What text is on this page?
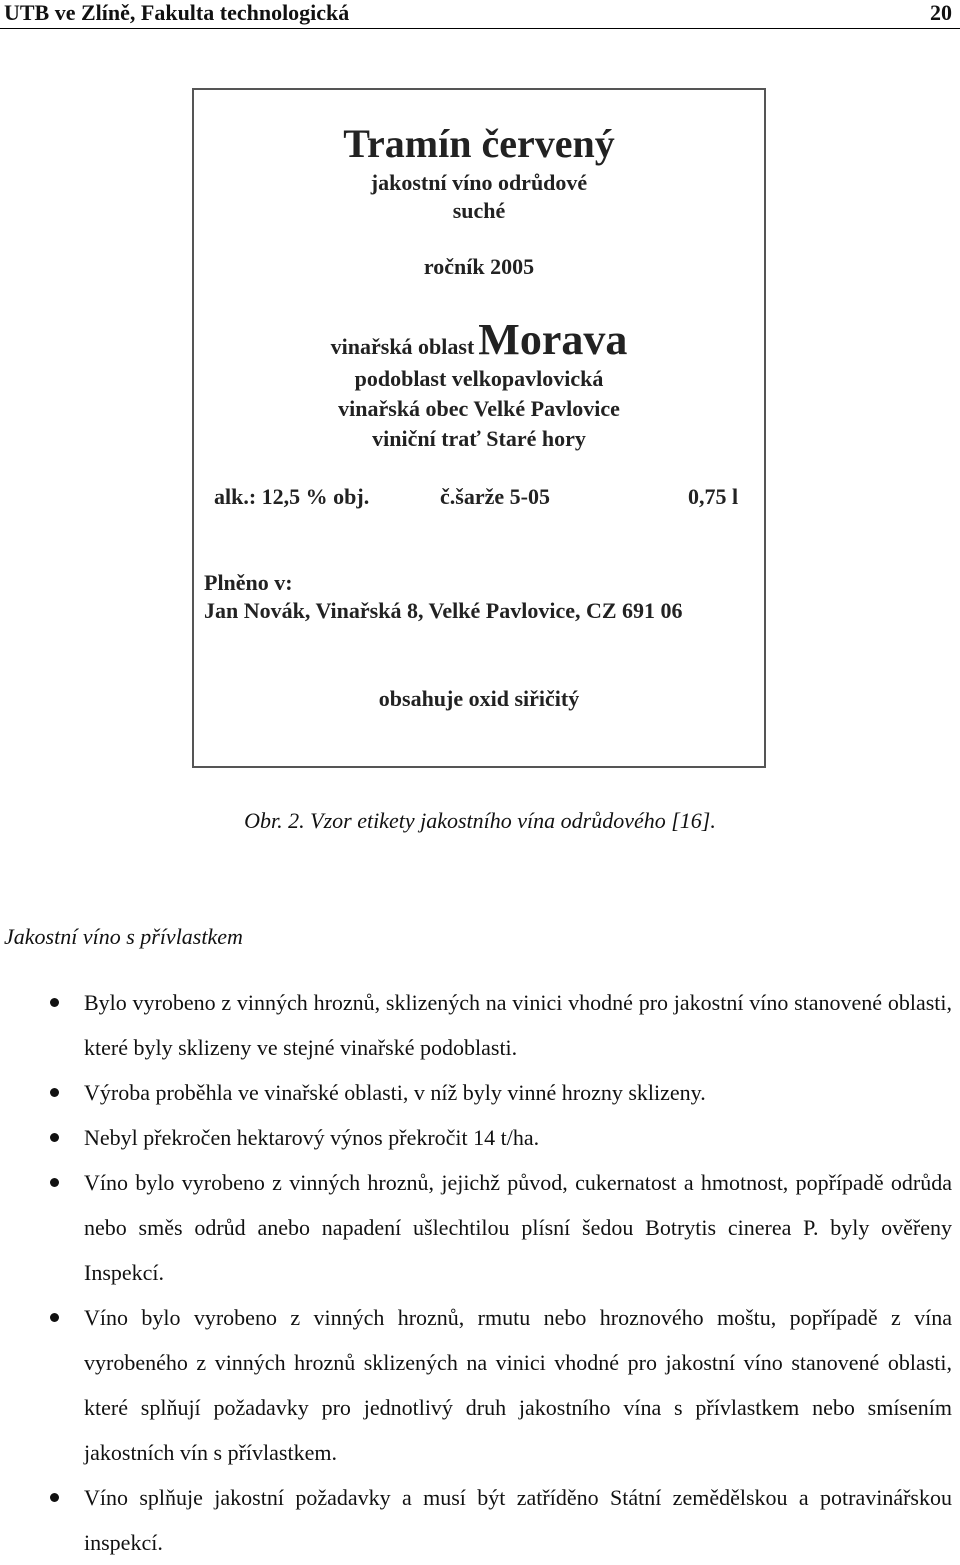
UTB ve Zlíně, Fakulta technologická	20
Tramín červený
jakostní víno odrůdové
suché
ročník 2005
vinařská oblast Morava
podoblast velkopavlovická
vinařská obec Velké Pavlovice
viniční trať Staré hory
alk.: 12,5 % obj.	č.šarže 5-05	0,75 l
Plněno v:
Jan Novák, Vinařská 8, Velké Pavlovice, CZ 691 06
obsahuje oxid siřičitý
Obr. 2. Vzor etikety jakostního vína odrůdového [16].
Jakostní víno s přívlastkem
Bylo vyrobeno z vinných hroznů, sklizených na vinici vhodné pro jakostní víno stanovené oblasti, které byly sklizeny ve stejné vinařské podoblasti.
Výroba proběhla ve vinařské oblasti, v níž byly vinné hrozny sklizeny.
Nebyl překročen hektarový výnos překročit 14 t/ha.
Víno bylo vyrobeno z vinných hroznů, jejichž původ, cukernatost a hmotnost, popřípadě odrůda nebo směs odrůd anebo napadení ušlechtilou plísní šedou Botrytis cinerea P. byly ověřeny Inspekcí.
Víno bylo vyrobeno z vinných hroznů, rmutu nebo hroznového moštu, popřípadě z vína vyrobeného z vinných hroznů sklizených na vinici vhodné pro jakostní víno stanovené oblasti, které splňují požadavky pro jednotlivý druh jakostního vína s přívlastkem nebo smísením jakostních vín s přívlastkem.
Víno splňuje jakostní požadavky a musí být zatříděno Státní zemědělskou a potravinářskou inspekcí.
